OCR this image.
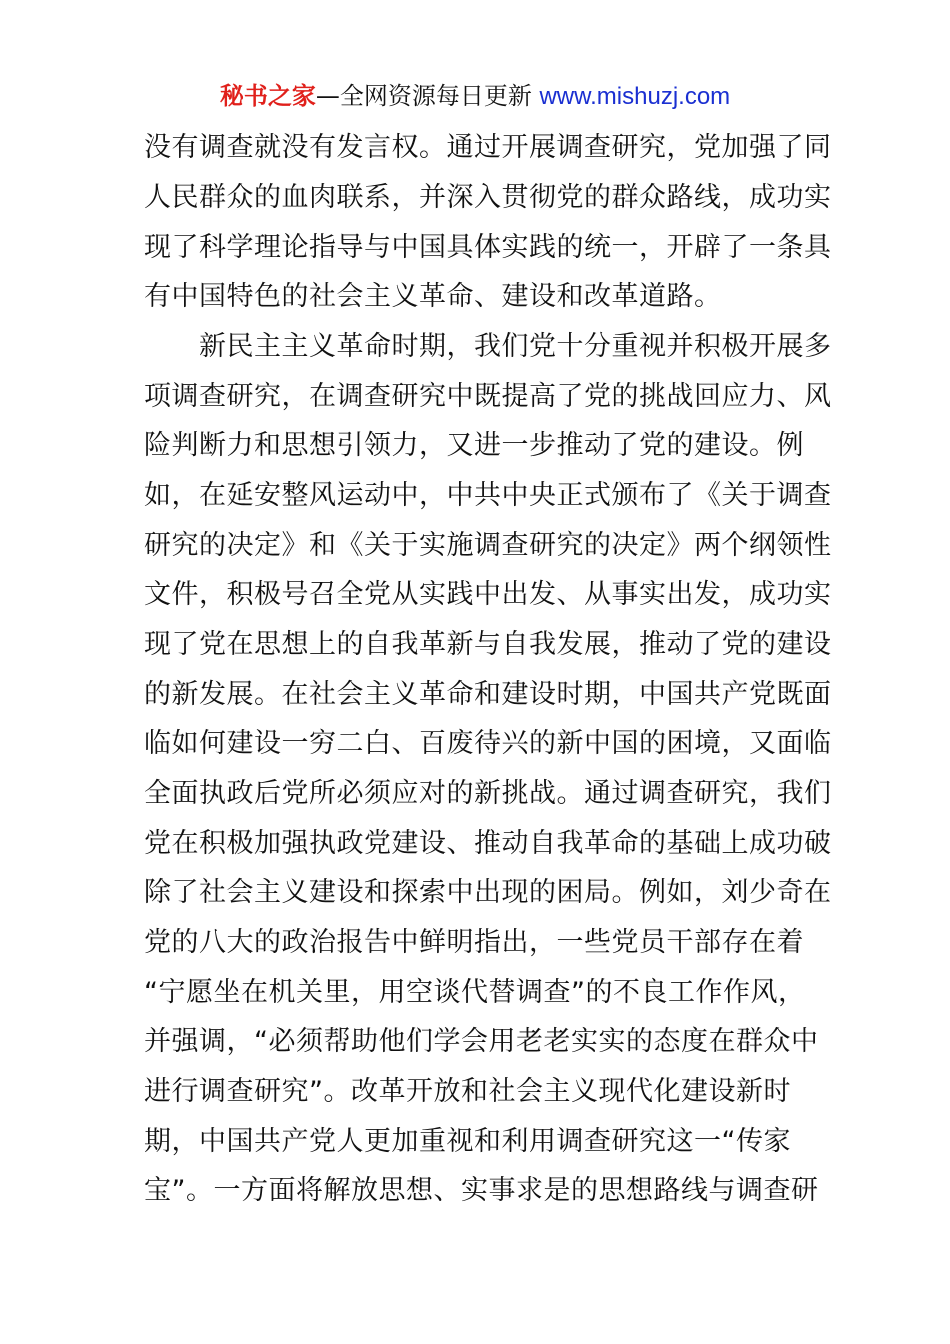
秘书之家—全网资源每日更新 www.mishuzj.com
没有调查就没有发言权。通过开展调查研究，党加强了同
人民群众的血肉联系，并深入贯彻党的群众路线，成功实
现了科学理论指导与中国具体实践的统一，开辟了一条具
有中国特色的社会主义革命、建设和改革道路。
　　新民主主义革命时期，我们党十分重视并积极开展多
项调查研究，在调查研究中既提高了党的挑战回应力、风
险判断力和思想引领力，又进一步推动了党的建设。例
如，在延安整风运动中，中共中央正式颁布了《关于调查
研究的决定》和《关于实施调查研究的决定》两个纲领性
文件，积极号召全党从实践中出发、从事实出发，成功实
现了党在思想上的自我革新与自我发展，推动了党的建设
的新发展。在社会主义革命和建设时期，中国共产党既面
临如何建设一穷二白、百废待兴的新中国的困境，又面临
全面执政后党所必须应对的新挑战。通过调查研究，我们
党在积极加强执政党建设、推动自我革命的基础上成功破
除了社会主义建设和探索中出现的困局。例如，刘少奇在
党的八大的政治报告中鲜明指出，一些党员干部存在着
“宁愿坐在机关里，用空谈代替调查”的不良工作作风，
并强调，“必须帮助他们学会用老老实实的态度在群众中
进行调查研究”。改革开放和社会主义现代化建设新时
期，中国共产党人更加重视和利用调查研究这一“传家
宝”。一方面将解放思想、实事求是的思想路线与调查研
